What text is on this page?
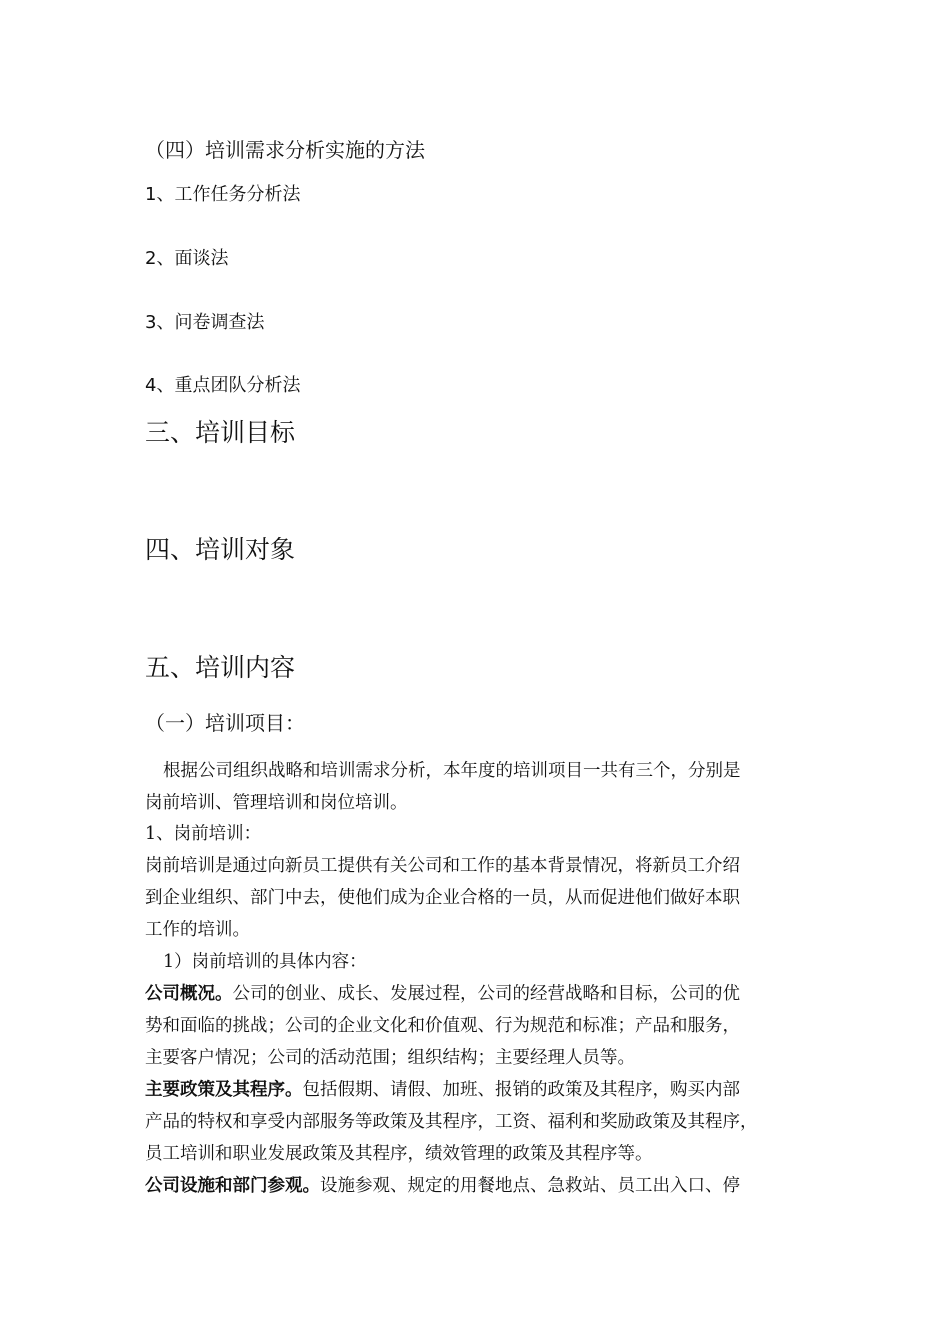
（四）培训需求分析实施的方法
1、工作任务分析法
2、面谈法
3、问卷调查法
4、重点团队分析法
三、培训目标
四、培训对象
五、培训内容
（一）培训项目：
根据公司组织战略和培训需求分析，本年度的培训项目一共有三个，分别是
岗前培训、管理培训和岗位培训。
1、岗前培训：
岗前培训是通过向新员工提供有关公司和工作的基本背景情况，将新员工介绍
到企业组织、部门中去，使他们成为企业合格的一员，从而促进他们做好本职
工作的培训。
1）岗前培训的具体内容：
公司概况。公司的创业、成长、发展过程，公司的经营战略和目标，公司的优
势和面临的挑战；公司的企业文化和价值观、行为规范和标准；产品和服务，
主要客户情况；公司的活动范围；组织结构；主要经理人员等。
主要政策及其程序。包括假期、请假、加班、报销的政策及其程序，购买内部
产品的特权和享受内部服务等政策及其程序，工资、福利和奖励政策及其程序，
员工培训和职业发展政策及其程序，绩效管理的政策及其程序等。
公司设施和部门参观。设施参观、规定的用餐地点、急救站、员工出入口、停
